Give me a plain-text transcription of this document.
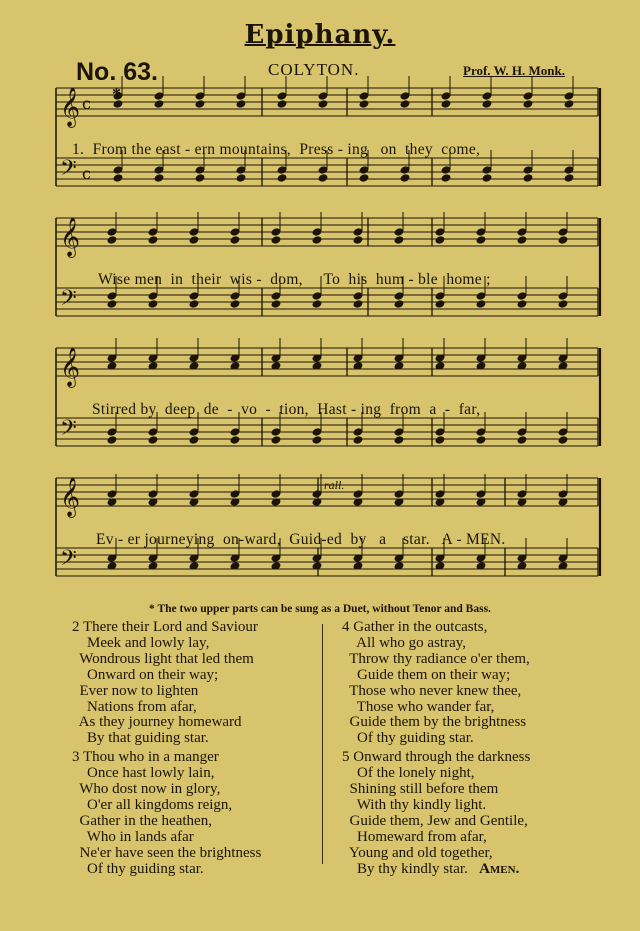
Epiphany.
No. 63.	COLYTON.	Prof. W. H. Monk.
𝄞 c
𝄢 c
𝄞
𝄢
𝄞
𝄢
𝄞
𝄢
*
rall.
1.  From the east - ern mountains,  Press - ing   on  they  come,
Wise men  in  their  wis -  dom,     To  his  hum - ble  home ;
Stirred by  deep  de  -  vo  -  tion,  Hast - ing  from  a  -  far,
Ev - er journeying  on-ward,  Guid-ed  by   a    star.   A - MEN.
* The two upper parts can be sung as a Duet, without Tenor and Bass.
2 There their Lord and Saviour
Meek and lowly lay,
Wondrous light that led them
Onward on their way;
Ever now to lighten
Nations from afar,
As they journey homeward
By that guiding star.
3 Thou who in a manger
Once hast lowly lain,
Who dost now in glory,
O'er all kingdoms reign,
Gather in the heathen,
Who in lands afar
Ne'er have seen the brightness
Of thy guiding star.
4 Gather in the outcasts,
All who go astray,
Throw thy radiance o'er them,
Guide them on their way;
Those who never knew thee,
Those who wander far,
Guide them by the brightness
Of thy guiding star.
5 Onward through the darkness
Of the lonely night,
Shining still before them
With thy kindly light.
Guide them, Jew and Gentile,
Homeward from afar,
Young and old together,
By thy kindly star. Amen.
